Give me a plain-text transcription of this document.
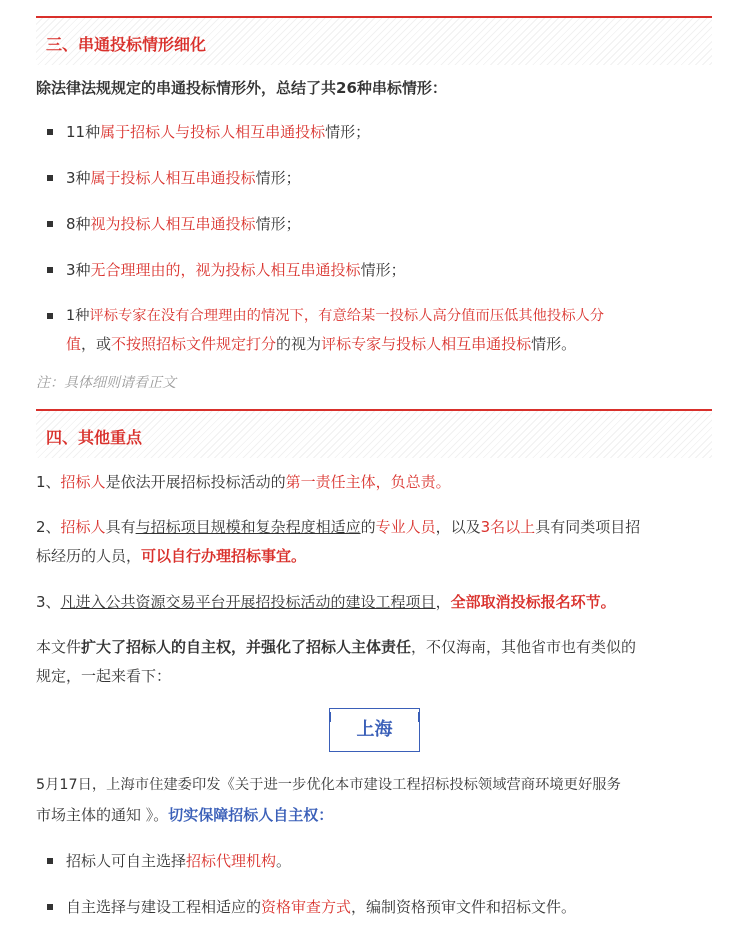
三、串通投标情形细化
除法律法规规定的串通投标情形外，总结了共26种串标情形：
11种属于招标人与投标人相互串通投标情形；
3种属于投标人相互串通投标情形；
8种视为投标人相互串通投标情形；
3种无合理理由的，视为投标人相互串通投标情形；
1种评标专家在没有合理理由的情况下，有意给某一投标人高分值而压低其他投标人分
值，或不按照招标文件规定打分的视为评标专家与投标人相互串通投标情形。
注：具体细则请看正文
四、其他重点
1、招标人是依法开展招标投标活动的第一责任主体，负总责。
2、招标人具有与招标项目规模和复杂程度相适应的专业人员，以及3名以上具有同类项目招
标经历的人员，可以自行办理招标事宜。
3、凡进入公共资源交易平台开展招投标活动的建设工程项目，全部取消投标报名环节。
本文件扩大了招标人的自主权，并强化了招标人主体责任，不仅海南，其他省市也有类似的
规定，一起来看下：
上海
5月17日，上海市住建委印发《关于进一步优化本市建设工程招标投标领域营商环境更好服务
市场主体的通知 》。切实保障招标人自主权：
招标人可自主选择招标代理机构。
自主选择与建设工程相适应的资格审查方式，编制资格预审文件和招标文件。
